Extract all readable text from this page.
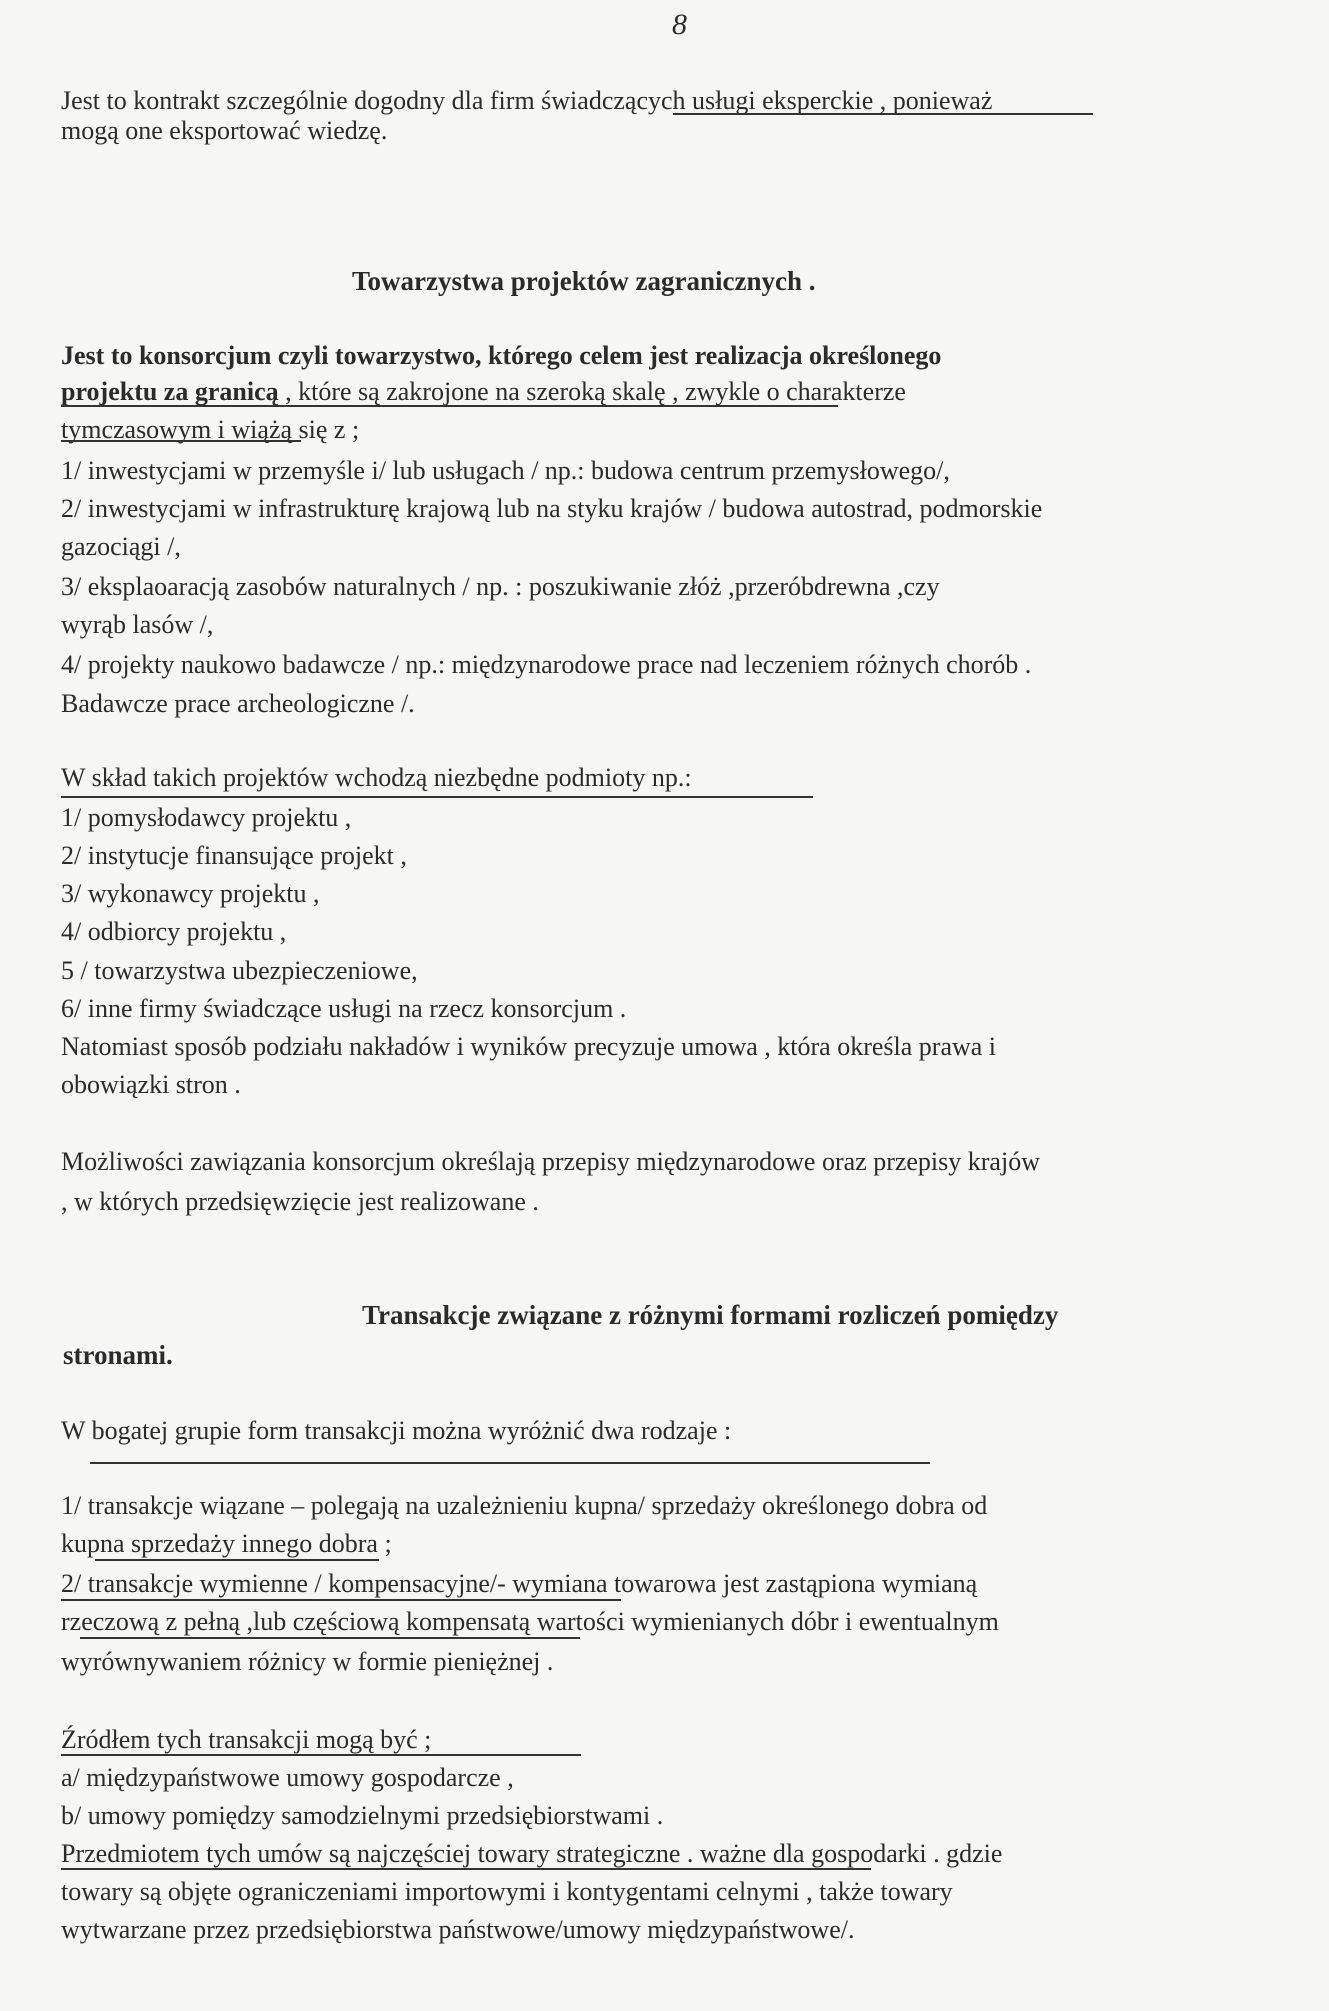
8
Jest to kontrakt szczególnie dogodny dla firm świadczących usługi eksperckie , ponieważ
mogą one eksportować wiedzę.
Towarzystwa projektów zagranicznych .
Jest to konsorcjum czyli towarzystwo, którego celem jest realizacja określonego
projektu za granicą , które są zakrojone na szeroką skalę , zwykle o charakterze
tymczasowym i wiążą się z ;
1/ inwestycjami w przemyśle i/ lub usługach / np.: budowa centrum przemysłowego/,
2/ inwestycjami w infrastrukturę krajową lub na styku krajów / budowa autostrad, podmorskie
gazociągi /,
3/ eksplaoaracją zasobów naturalnych / np. : poszukiwanie złóż ,przeróbdrewna ,czy
wyrąb lasów /,
4/ projekty naukowo badawcze / np.: międzynarodowe prace nad leczeniem różnych chorób .
Badawcze prace archeologiczne /.
W skład takich projektów wchodzą niezbędne podmioty np.:
1/ pomysłodawcy projektu ,
2/ instytucje finansujące projekt ,
3/ wykonawcy projektu ,
4/ odbiorcy projektu ,
5 / towarzystwa ubezpieczeniowe,
6/ inne firmy świadczące usługi na rzecz konsorcjum .
Natomiast sposób podziału nakładów i wyników precyzuje umowa , która określa prawa i
obowiązki stron .
Możliwości zawiązania konsorcjum określają przepisy międzynarodowe oraz przepisy krajów
, w których przedsięwzięcie jest realizowane .
Transakcje związane z różnymi formami rozliczeń pomiędzy
stronami.
W bogatej grupie form transakcji można wyróżnić dwa rodzaje :
1/ transakcje wiązane – polegają na uzależnieniu kupna/ sprzedaży określonego dobra od
kupna sprzedaży innego dobra ;
2/ transakcje wymienne / kompensacyjne/- wymiana towarowa jest zastąpiona wymianą
rzeczową z pełną ,lub częściową kompensatą wartości wymienianych dóbr i ewentualnym
wyrównywaniem różnicy w formie pieniężnej .
Źródłem tych transakcji mogą być ;
a/ międzypaństwowe umowy gospodarcze ,
b/ umowy pomiędzy samodzielnymi przedsiębiorstwami .
Przedmiotem tych umów są najczęściej towary strategiczne . ważne dla gospodarki . gdzie
towary są objęte ograniczeniami importowymi i kontygentami celnymi , także towary
wytwarzane przez przedsiębiorstwa państwowe/umowy międzypaństwowe/.
